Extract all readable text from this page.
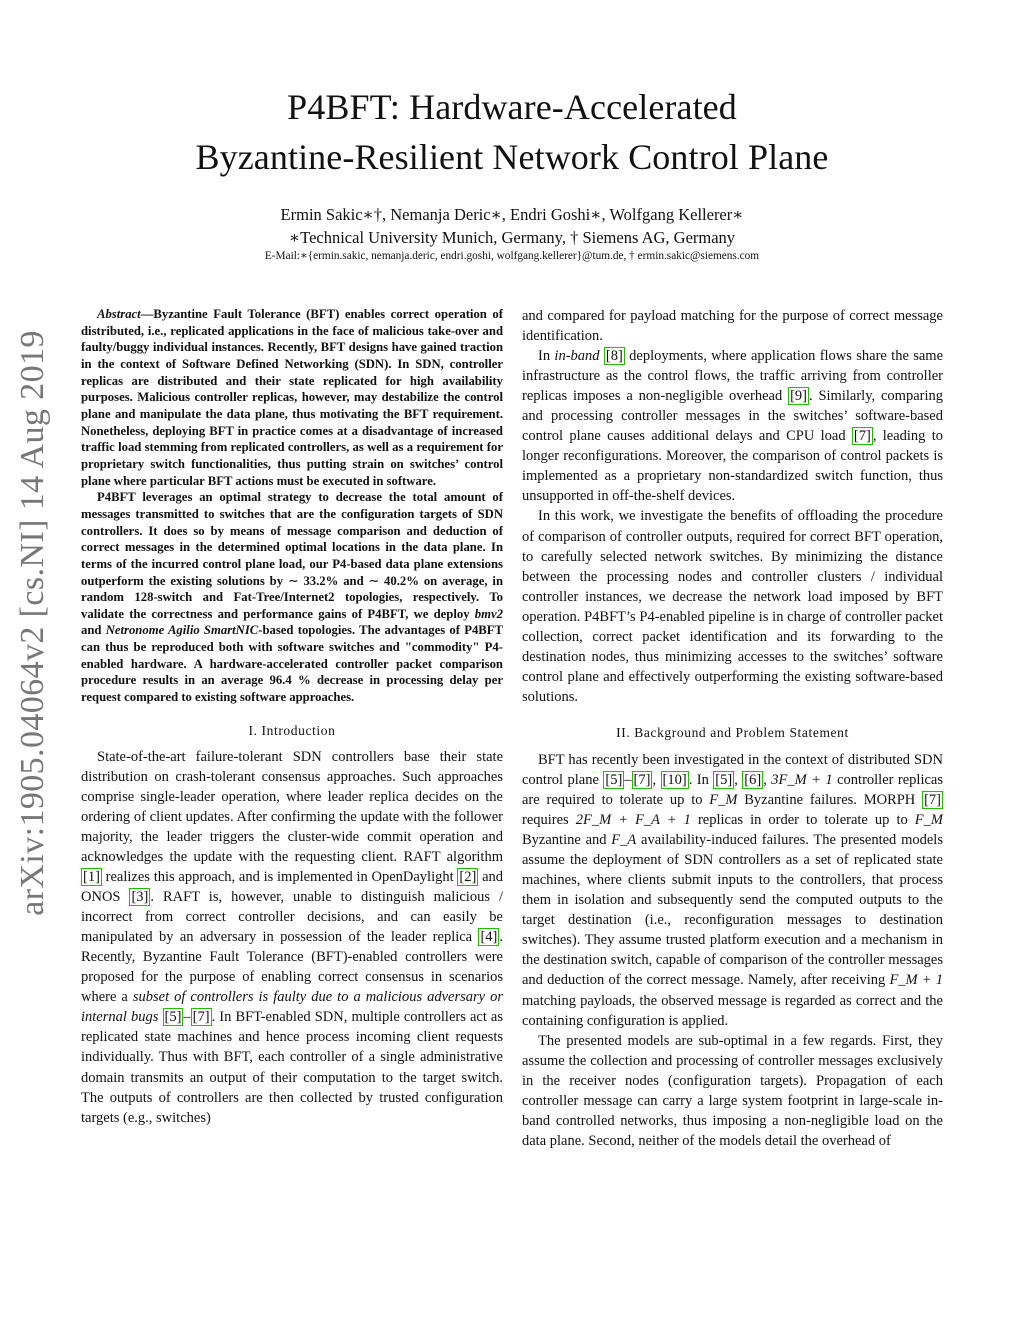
P4BFT: Hardware-Accelerated
Byzantine-Resilient Network Control Plane
Ermin Sakic∗†, Nemanja Deric∗, Endri Goshi∗, Wolfgang Kellerer∗
∗Technical University Munich, Germany, † Siemens AG, Germany
E-Mail:∗{ermin.sakic, nemanja.deric, endri.goshi, wolfgang.kellerer}@tum.de, † ermin.sakic@siemens.com
arXiv:1905.04064v2 [cs.NI] 14 Aug 2019

Abstract—Byzantine Fault Tolerance (BFT) enables correct operation of distributed, i.e., replicated applications in the face of malicious take-over and faulty/buggy individual instances. Recently, BFT designs have gained traction in the context of Software Defined Networking (SDN). In SDN, controller replicas are distributed and their state replicated for high availability purposes. Malicious controller replicas, however, may destabilize the control plane and manipulate the data plane, thus motivating the BFT requirement. Nonetheless, deploying BFT in practice comes at a disadvantage of increased traffic load stemming from replicated controllers, as well as a requirement for proprietary switch functionalities, thus putting strain on switches’ control plane where particular BFT actions must be executed in software.

P4BFT leverages an optimal strategy to decrease the total amount of messages transmitted to switches that are the configuration targets of SDN controllers. It does so by means of message comparison and deduction of correct messages in the determined optimal locations in the data plane. In terms of the incurred control plane load, our P4-based data plane extensions outperform the existing solutions by ∼ 33.2% and ∼ 40.2% on average, in random 128-switch and Fat-Tree/Internet2 topologies, respectively. To validate the correctness and performance gains of P4BFT, we deploy bmv2 and Netronome Agilio SmartNIC-based topologies. The advantages of P4BFT can thus be reproduced both with software switches and "commodity" P4-enabled hardware. A hardware-accelerated controller packet comparison procedure results in an average 96.4 % decrease in processing delay per request compared to existing software approaches.

I. Introduction

State-of-the-art failure-tolerant SDN controllers base their state distribution on crash-tolerant consensus approaches. Such approaches comprise single-leader operation, where leader replica decides on the ordering of client updates. After confirming the update with the follower majority, the leader triggers the cluster-wide commit operation and acknowledges the update with the requesting client. RAFT algorithm [1] realizes this approach, and is implemented in OpenDaylight [2] and ONOS [3] . RAFT is, however, unable to distinguish malicious / incorrect from correct controller decisions, and can easily be manipulated by an adversary in possession of the leader replica [4] . Recently, Byzantine Fault Tolerance (BFT)-enabled controllers were proposed for the purpose of enabling correct consensus in scenarios where a subset of controllers is faulty due to a malicious adversary or internal bugs [5] – [7] . In BFT-enabled SDN, multiple controllers act as replicated state machines and hence process incoming client requests individually. Thus with BFT, each controller of a single administrative domain transmits an output of their computation to the target switch. The outputs of controllers are then collected by trusted configuration targets (e.g., switches)

and compared for payload matching for the purpose of correct message identification.

In in-band [8] deployments, where application flows share the same infrastructure as the control flows, the traffic arriving from controller replicas imposes a non-negligible overhead [9] . Similarly, comparing and processing controller messages in the switches’ software-based control plane causes additional delays and CPU load [7] , leading to longer reconfigurations. Moreover, the comparison of control packets is implemented as a proprietary non-standardized switch function, thus unsupported in off-the-shelf devices.

In this work, we investigate the benefits of offloading the procedure of comparison of controller outputs, required for correct BFT operation, to carefully selected network switches. By minimizing the distance between the processing nodes and controller clusters / individual controller instances, we decrease the network load imposed by BFT operation. P4BFT’s P4-enabled pipeline is in charge of controller packet collection, correct packet identification and its forwarding to the destination nodes, thus minimizing accesses to the switches’ software control plane and effectively outperforming the existing software-based solutions.

II. Background and Problem Statement

BFT has recently been investigated in the context of distributed SDN control plane [5] – [7] , [10] . In [5] , [6] , 3F_M + 1 controller replicas are required to tolerate up to F_M Byzantine failures. MORPH [7] requires 2F_M + F_A + 1 replicas in order to tolerate up to F_M Byzantine and F_A availability-induced failures. The presented models assume the deployment of SDN controllers as a set of replicated state machines, where clients submit inputs to the controllers, that process them in isolation and subsequently send the computed outputs to the target destination (i.e., reconfiguration messages to destination switches). They assume trusted platform execution and a mechanism in the destination switch, capable of comparison of the controller messages and deduction of the correct message. Namely, after receiving F_M + 1 matching payloads, the observed message is regarded as correct and the containing configuration is applied.

The presented models are sub-optimal in a few regards. First, they assume the collection and processing of controller messages exclusively in the receiver nodes (configuration targets). Propagation of each controller message can carry a large system footprint in large-scale in-band controlled networks, thus imposing a non-negligible load on the data plane. Second, neither of the models detail the overhead of
